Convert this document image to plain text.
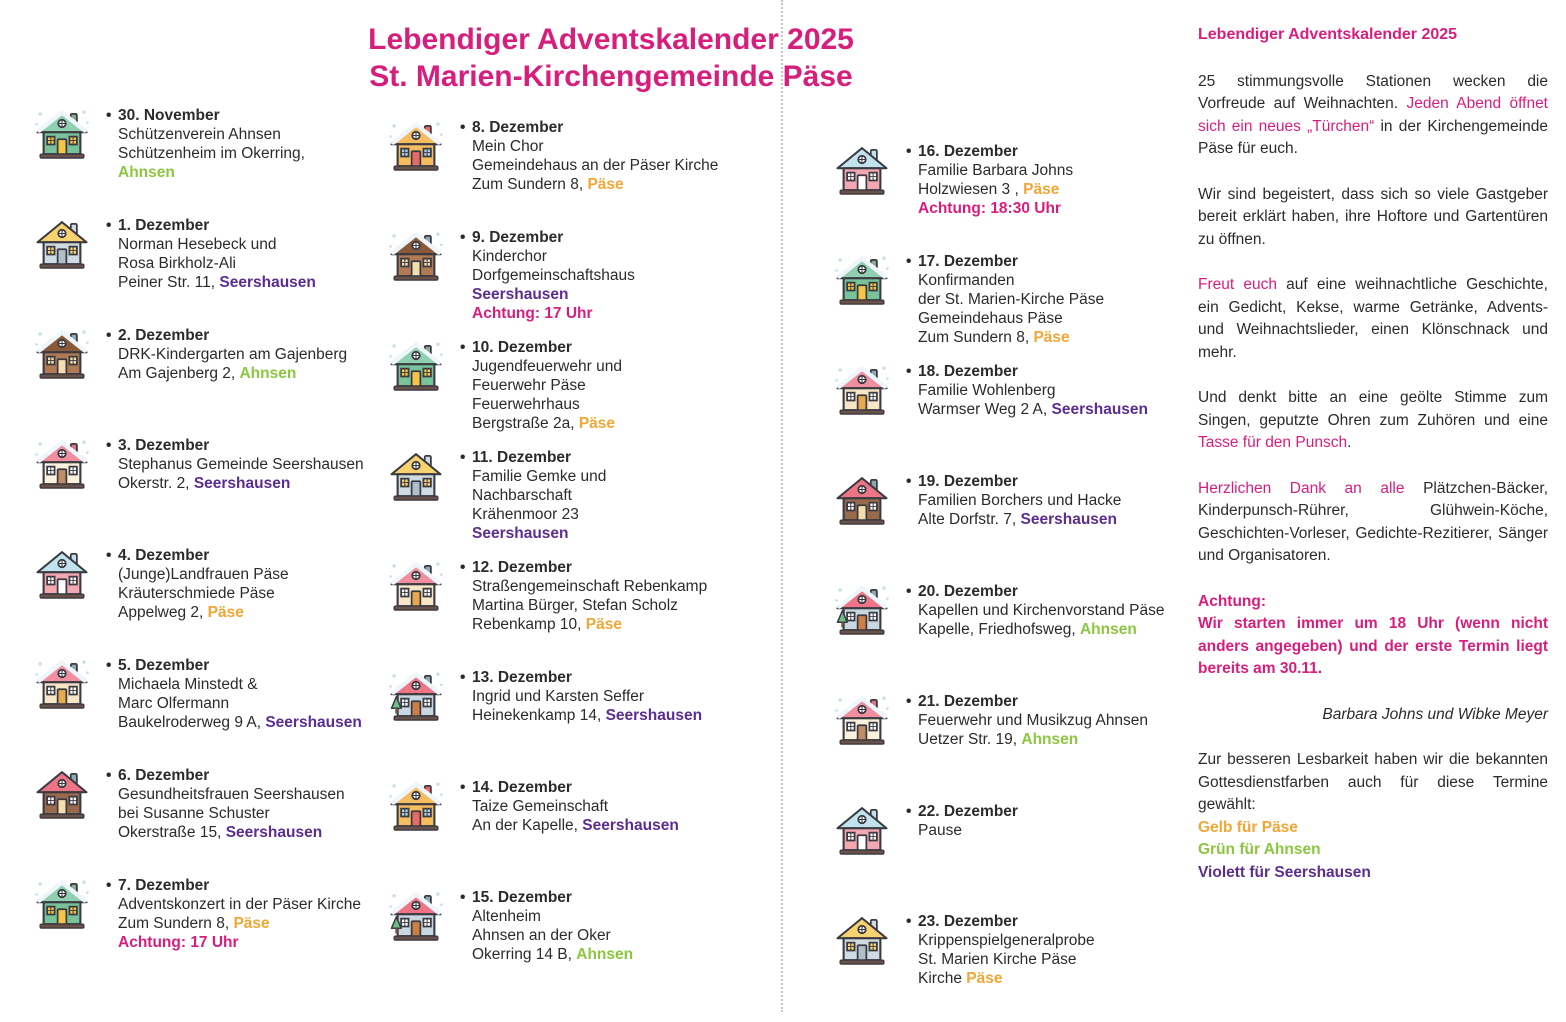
Lebendiger Adventskalender 2025
St. Marien-Kirchengemeinde Päse
• 30. November
Schützenverein Ahnsen
Schützenheim im Okerring,
Ahnsen
• 1. Dezember
Norman Hesebeck und
Rosa Birkholz-Ali
Peiner Str. 11, Seershausen
• 2. Dezember
DRK-Kindergarten am Gajenberg
Am Gajenberg 2, Ahnsen
• 3. Dezember
Stephanus Gemeinde Seershausen
Okerstr. 2, Seershausen
• 4. Dezember
(Junge)Landfrauen Päse
Kräuterschmiede Päse
Appelweg 2, Päse
• 5. Dezember
Michaela Minstedt &
Marc Olfermann
Baukelroderweg 9 A, Seershausen
• 6. Dezember
Gesundheitsfrauen Seershausen
bei Susanne Schuster
Okerstraße 15, Seershausen
• 7. Dezember
Adventskonzert in der Päser Kirche
Zum Sundern 8, Päse
Achtung: 17 Uhr
• 8. Dezember
Mein Chor
Gemeindehaus an der Päser Kirche
Zum Sundern 8, Päse
• 9. Dezember
Kinderchor
Dorfgemeinschaftshaus
Seershausen
Achtung: 17 Uhr
• 10. Dezember
Jugendfeuerwehr und
Feuerwehr Päse
Feuerwehrhaus
Bergstraße 2a, Päse
• 11. Dezember
Familie Gemke und
Nachbarschaft
Krähenmoor 23
Seershausen
• 12. Dezember
Straßengemeinschaft Rebenkamp
Martina Bürger, Stefan Scholz
Rebenkamp 10, Päse
• 13. Dezember
Ingrid und Karsten Seffer
Heinekenkamp 14, Seershausen
• 14. Dezember
Taize Gemeinschaft
An der Kapelle, Seershausen
• 15. Dezember
Altenheim
Ahnsen an der Oker
Okerring 14 B, Ahnsen
• 16. Dezember
Familie Barbara Johns
Holzwiesen 3 , Päse
Achtung: 18:30 Uhr
• 17. Dezember
Konfirmanden
der St. Marien-Kirche Päse
Gemeindehaus Päse
Zum Sundern 8, Päse
• 18. Dezember
Familie Wohlenberg
Warmser Weg 2 A, Seershausen
• 19. Dezember
Familien Borchers und Hacke
Alte Dorfstr. 7, Seershausen
• 20. Dezember
Kapellen und Kirchenvorstand Päse
Kapelle, Friedhofsweg, Ahnsen
• 21. Dezember
Feuerwehr und Musikzug Ahnsen
Uetzer Str. 19, Ahnsen
• 22. Dezember
Pause
• 23. Dezember
Krippenspielgeneralprobe
St. Marien Kirche Päse
Kirche Päse
Lebendiger Adventskalender 2025
25 stimmungsvolle Stationen wecken die Vorfreude auf Weihnachten. Jeden Abend öffnet sich ein neues „Türchen“ in der Kirchengemeinde Päse für euch.
Wir sind begeistert, dass sich so viele Gastgeber bereit erklärt haben, ihre Hoftore und Gartentüren zu öffnen.
Freut euch auf eine weihnachtliche Geschichte, ein Gedicht, Kekse, warme Getränke, Advents- und Weihnachtslieder, einen Klönschnack und mehr.
Und denkt bitte an eine geölte Stimme zum Singen, geputzte Ohren zum Zuhören und eine Tasse für den Punsch.
Herzlichen Dank an alle Plätzchen-Bäcker, Kinderpunsch-Rührer, Glühwein-Köche, Geschichten-Vorleser, Gedichte-Rezitierer, Sänger und Organisatoren.
Achtung:
Wir starten immer um 18 Uhr (wenn nicht anders angegeben) und der erste Termin liegt bereits am 30.11.
Barbara Johns und Wibke Meyer
Zur besseren Lesbarkeit haben wir die bekannten Gottesdienstfarben auch für diese Termine gewählt:
Gelb für Päse
Grün für Ahnsen
Violett für Seershausen
